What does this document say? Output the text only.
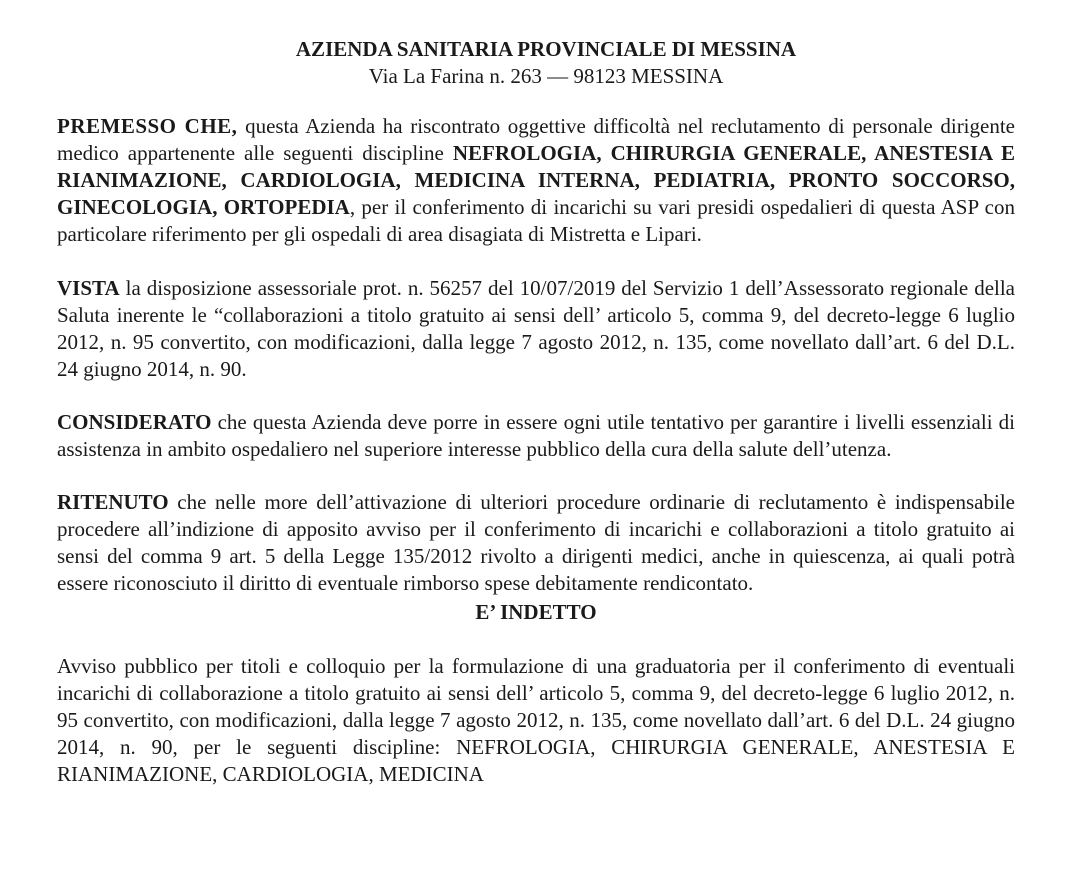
AZIENDA SANITARIA PROVINCIALE DI MESSINA
Via La Farina n. 263 — 98123 MESSINA

PREMESSO CHE, questa Azienda ha riscontrato oggettive difficoltà nel reclutamento di personale dirigente medico appartenente alle seguenti discipline NEFROLOGIA, CHIRURGIA GENERALE, ANESTESIA E RIANIMAZIONE, CARDIOLOGIA, MEDICINA INTERNA, PEDIATRIA, PRONTO SOCCORSO, GINECOLOGIA, ORTOPEDIA, per il conferimento di incarichi su vari presidi ospedalieri di questa ASP con particolare riferimento per gli ospedali di area disagiata di Mistretta e Lipari.

VISTA la disposizione assessoriale prot. n. 56257 del 10/07/2019 del Servizio 1 dell’Assessorato regionale della Saluta inerente le “collaborazioni a titolo gratuito ai sensi dell’ articolo 5, comma 9, del decreto-legge 6 luglio 2012, n. 95 convertito, con modificazioni, dalla legge 7 agosto 2012, n. 135, come novellato dall’art. 6 del D.L. 24 giugno 2014, n. 90.

CONSIDERATO che questa Azienda deve porre in essere ogni utile tentativo per garantire i livelli essenziali di assistenza in ambito ospedaliero nel superiore interesse pubblico della cura della salute dell’utenza.

RITENUTO che nelle more dell’attivazione di ulteriori procedure ordinarie di reclutamento è indispensabile procedere all’indizione di apposito avviso per il conferimento di incarichi e collaborazioni a titolo gratuito ai sensi del comma 9 art. 5 della Legge 135/2012 rivolto a dirigenti medici, anche in quiescenza, ai quali potrà essere riconosciuto il diritto di eventuale rimborso spese debitamente rendicontato.

E’ INDETTO

Avviso pubblico per titoli e colloquio per la formulazione di una graduatoria per il conferimento di eventuali incarichi di collaborazione a titolo gratuito ai sensi dell’ articolo 5, comma 9, del decreto-legge 6 luglio 2012, n. 95 convertito, con modificazioni, dalla legge 7 agosto 2012, n. 135, come novellato dall’art. 6 del D.L. 24 giugno 2014, n. 90, per le seguenti discipline: NEFROLOGIA, CHIRURGIA GENERALE, ANESTESIA E RIANIMAZIONE, CARDIOLOGIA, MEDICINA
